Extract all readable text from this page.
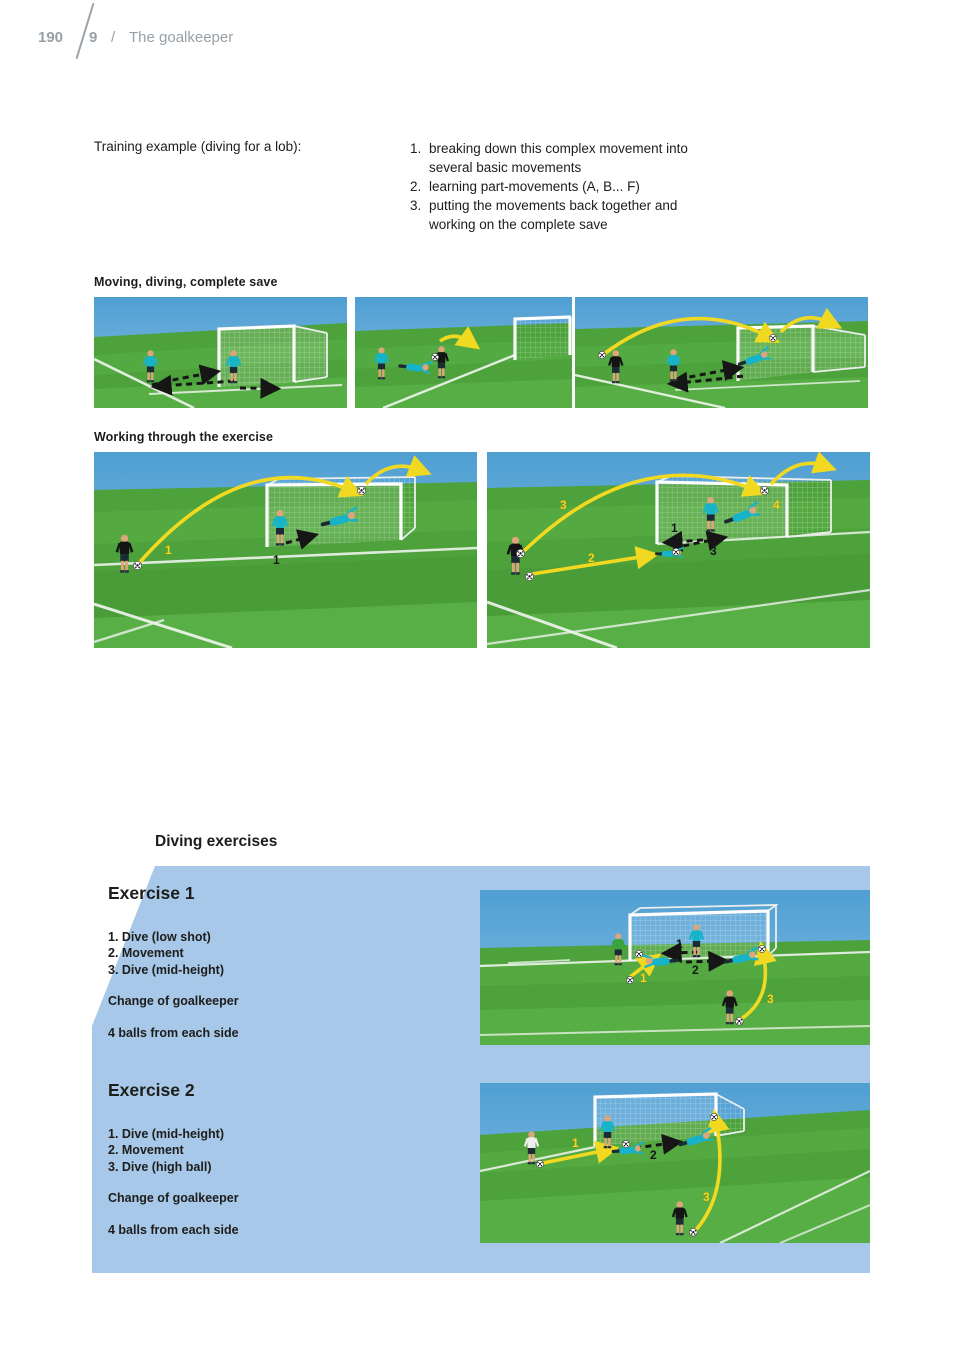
190 9 / The goalkeeper
Training example (diving for a lob):	1. breaking down this complex movement into several basic movements
2. learning part-movements (A, B... F)
3. putting the movements back together and working on the complete save
Moving, diving, complete save
Working through the exercise
1
1
1
2
3
3
4
Diving exercises
Exercise 1
1. Dive (low shot)
2. Movement
3. Dive (mid-height)
Change of goalkeeper
4 balls from each side
1
2
1
3
Exercise 2
1. Dive (mid-height)
2. Movement
3. Dive (high ball)
Change of goalkeeper
4 balls from each side
1
2
3
